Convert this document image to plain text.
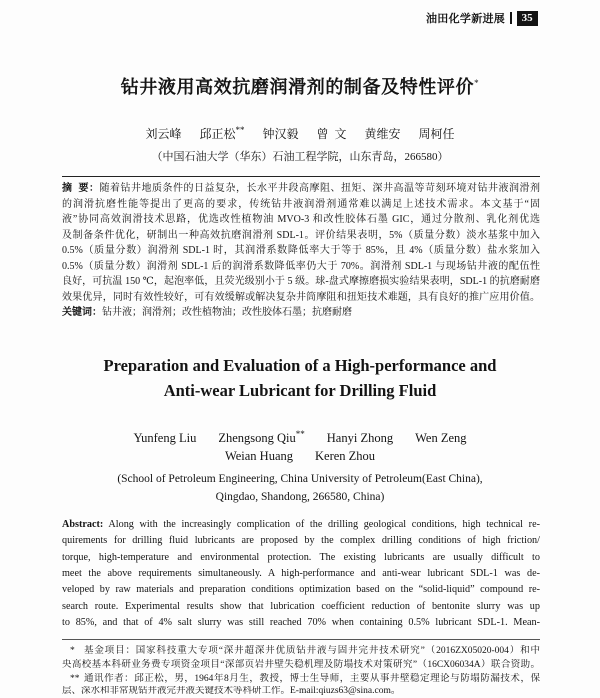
油田化学新进展	35
钻井液用高效抗磨润滑剂的制备及特性评价*
刘云峰 邱正松** 钟汉毅 曾  文 黄维安 周柯任
（中国石油大学（华东）石油工程学院，山东青岛，266580）
摘  要：随着钻井地质条件的日益复杂，长水平井段高摩阻、扭矩、深井高温等苛刻环境对钻井液润滑剂
的润滑抗磨性能等提出了更高的要求，传统钻井液润滑剂通常难以满足上述技术需求。本文基于“固
液”协同高效润滑技术思路，优选改性植物油 MVO-3 和改性胶体石墨 GIC，通过分散剂、乳化剂优选
及制备条件优化，研制出一种高效抗磨润滑剂 SDL-1。评价结果表明，5%（质量分数）淡水基浆中加入
0.5%（质量分数）润滑剂 SDL-1 时，其润滑系数降低率大于等于 85%，且 4%（质量分数）盐水浆加入
0.5%（质量分数）润滑剂 SDL-1 后的润滑系数降低率仍大于 70%。润滑剂 SDL-1 与现场钻井液的配伍性
良好，可抗温 150 ℃，起泡率低，且荧光级别小于 5 级。球-盘式摩擦磨损实验结果表明，SDL-1 的抗磨耐磨
效果优异，同时有效性较好，可有效缓解或解决复杂井筒摩阻和扭矩技术难题，具有良好的推广应用价值。
关键词：钻井液；润滑剂；改性植物油；改性胶体石墨；抗磨耐磨
Preparation and Evaluation of a High-performance and
Anti-wear Lubricant for Drilling Fluid
Yunfeng Liu Zhengsong Qiu** Hanyi Zhong Wen Zeng
Weian Huang Keren Zhou
(School of Petroleum Engineering, China University of Petroleum(East China),
Qingdao, Shandong, 266580, China)
Abstract: Along with the increasingly complication of the drilling geological conditions, high technical re-
quirements for drilling fluid lubricants are proposed by the complex drilling conditions of high friction/
torque, high-temperature and environmental protection. The existing lubricants are usually difficult to
meet the above requirements simultaneously. A high-performance and anti-wear lubricant SDL-1 was de-
veloped by raw materials and preparation conditions optimization based on the “solid-liquid” compound re-
search route. Experimental results show that lubrication coefficient reduction of bentonite slurry was up
to 85%, and that of 4% salt slurry was still reached 70% when containing 0.5% lubricant SDL-1. Mean-
* 基金项目：国家科技重大专项“深井超深井优质钻井液与固井完井技术研究”（2016ZX05020-004）和中
央高校基本科研业务费专项资金项目“深部页岩井壁失稳机理及防塌技术对策研究”（16CX06034A）联合资助。
** 通讯作者：邱正松，男，1964年8月生，教授，博士生导师，主要从事井壁稳定理论与防塌防漏技术，保
层、深水和非常规钻井液完井液关键技术等科研工作。E-mail:qiuzs63@sina.com。
